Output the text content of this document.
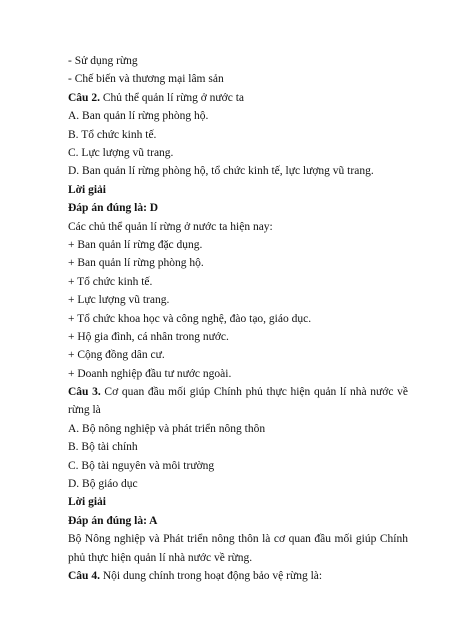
- Sử dụng rừng
- Chế biến và thương mại lâm sản
Câu 2. Chủ thể quản lí rừng ở nước ta
A. Ban quản lí rừng phòng hộ.
B. Tổ chức kinh tế.
C. Lực lượng vũ trang.
D. Ban quản lí rừng phòng hộ, tổ chức kinh tế, lực lượng vũ trang.
Lời giải
Đáp án đúng là: D
Các chủ thể quản lí rừng ở nước ta hiện nay:
+ Ban quản lí rừng đặc dụng.
+ Ban quản lí rừng phòng hộ.
+ Tổ chức kinh tế.
+ Lực lượng vũ trang.
+ Tổ chức khoa học và công nghệ, đào tạo, giáo dục.
+ Hộ gia đình, cá nhân trong nước.
+ Cộng đồng dân cư.
+ Doanh nghiệp đầu tư nước ngoài.
Câu 3. Cơ quan đầu mối giúp Chính phủ thực hiện quản lí nhà nước về
rừng là
A. Bộ nông nghiệp và phát triển nông thôn
B. Bộ tài chính
C. Bộ tài nguyên và môi trường
D. Bộ giáo dục
Lời giải
Đáp án đúng là: A
Bộ Nông nghiệp và Phát triển nông thôn là cơ quan đầu mối giúp Chính
phủ thực hiện quản lí nhà nước về rừng.
Câu 4. Nội dung chính trong hoạt động bảo vệ rừng là:
